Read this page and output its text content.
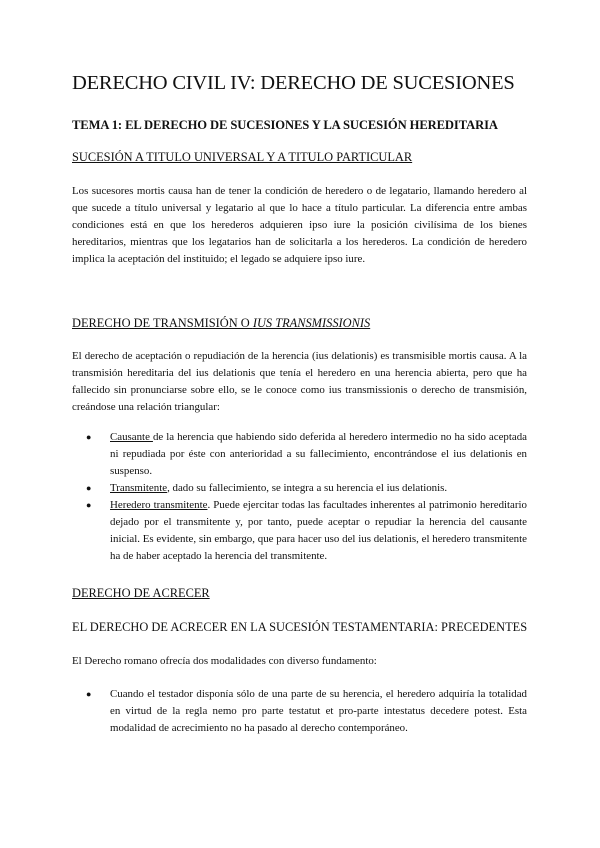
DERECHO CIVIL IV: DERECHO DE SUCESIONES
TEMA 1: EL DERECHO DE SUCESIONES Y LA SUCESIÓN HEREDITARIA
SUCESIÓN A TITULO UNIVERSAL Y A TITULO PARTICULAR

Los sucesores mortis causa han de tener la condición de heredero o de legatario, llamando heredero al que sucede a título universal y legatario al que lo hace a título particular. La diferencia entre ambas condiciones está en que los herederos adquieren ipso iure la posición civilísima de los bienes hereditarios, mientras que los legatarios han de solicitarla a los herederos. La condición de heredero implica la aceptación del instituido; el legado se adquiere ipso iure.

DERECHO DE TRANSMISIÓN O IUS TRANSMISSIONIS

El derecho de aceptación o repudiación de la herencia (ius delationis) es transmisible mortis causa. A la transmisión hereditaria del ius delationis que tenía el heredero en una herencia abierta, pero que ha fallecido sin pronunciarse sobre ello, se le conoce como ius transmissionis o derecho de transmisión, creándose una relación triangular:

● Causante de la herencia que habiendo sido deferida al heredero intermedio no ha sido aceptada ni repudiada por éste con anterioridad a su fallecimiento, encontrándose el ius delationis en suspenso.
● Transmitente, dado su fallecimiento, se integra a su herencia el ius delationis.
● Heredero transmitente. Puede ejercitar todas las facultades inherentes al patrimonio hereditario dejado por el transmitente y, por tanto, puede aceptar o repudiar la herencia del causante inicial. Es evidente, sin embargo, que para hacer uso del ius delationis, el heredero transmitente ha de haber aceptado la herencia del transmitente.
DERECHO DE ACRECER
EL DERECHO DE ACRECER EN LA SUCESIÓN TESTAMENTARIA: PRECEDENTES

El Derecho romano ofrecía dos modalidades con diverso fundamento:

● Cuando el testador disponía sólo de una parte de su herencia, el heredero adquiría la totalidad en virtud de la regla nemo pro parte testatut et pro-parte intestatus decedere potest. Esta modalidad de acrecimiento no ha pasado al derecho contemporáneo.
